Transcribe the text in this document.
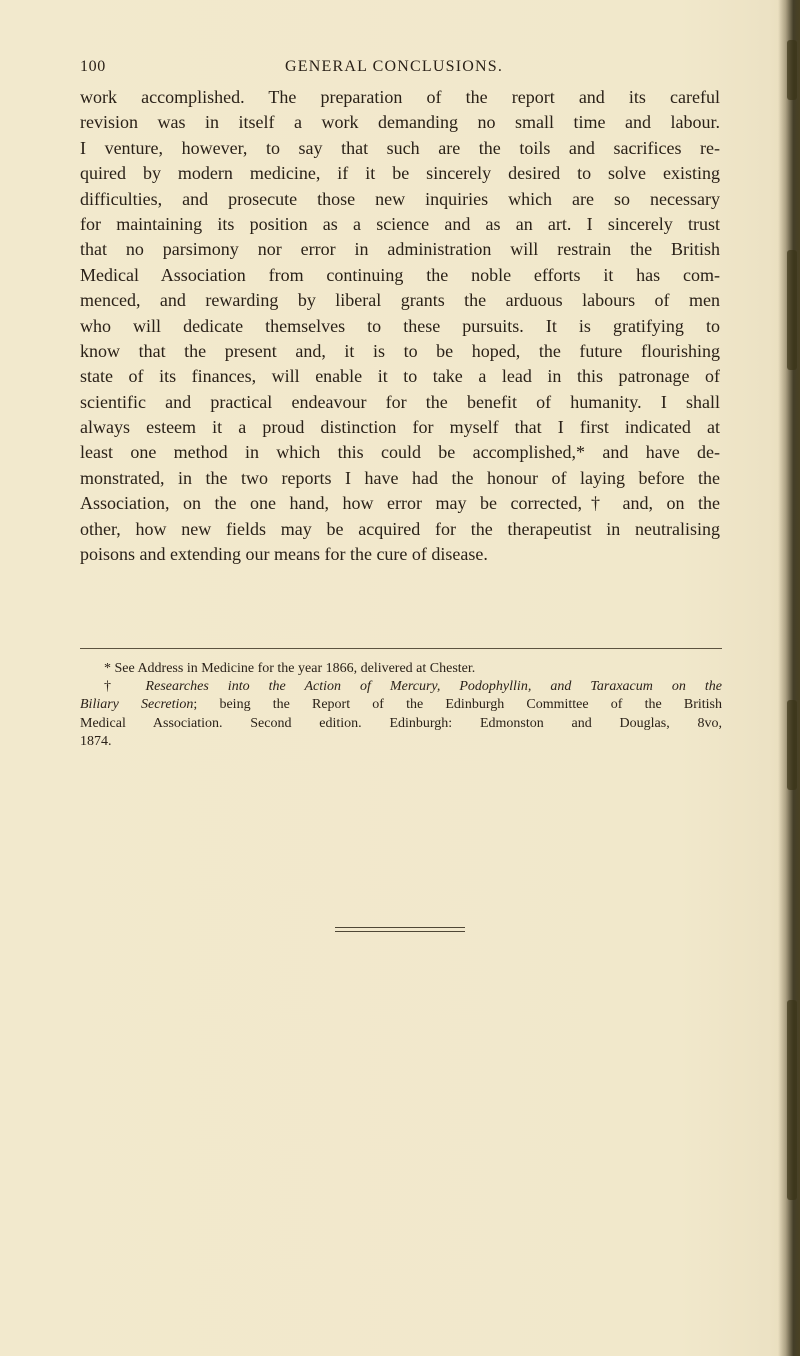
100	GENERAL CONCLUSIONS.
work accomplished. The preparation of the report and its careful
revision was in itself a work demanding no small time and labour.
I venture, however, to say that such are the toils and sacrifices re-
quired by modern medicine, if it be sincerely desired to solve existing
difficulties, and prosecute those new inquiries which are so necessary
for maintaining its position as a science and as an art. I sincerely trust
that no parsimony nor error in administration will restrain the British
Medical Association from continuing the noble efforts it has com-
menced, and rewarding by liberal grants the arduous labours of men
who will dedicate themselves to these pursuits. It is gratifying to
know that the present and, it is to be hoped, the future flourishing
state of its finances, will enable it to take a lead in this patronage of
scientific and practical endeavour for the benefit of humanity. I shall
always esteem it a proud distinction for myself that I first indicated at
least one method in which this could be accomplished,* and have de-
monstrated, in the two reports I have had the honour of laying before the
Association, on the one hand, how error may be corrected,† and, on the
other, how new fields may be acquired for the therapeutist in neutralising
poisons and extending our means for the cure of disease.
* See Address in Medicine for the year 1866, delivered at Chester.
† Researches into the Action of Mercury, Podophyllin, and Taraxacum on the
Biliary Secretion; being the Report of the Edinburgh Committee of the British
Medical Association. Second edition. Edinburgh: Edmonston and Douglas, 8vo,
1874.
